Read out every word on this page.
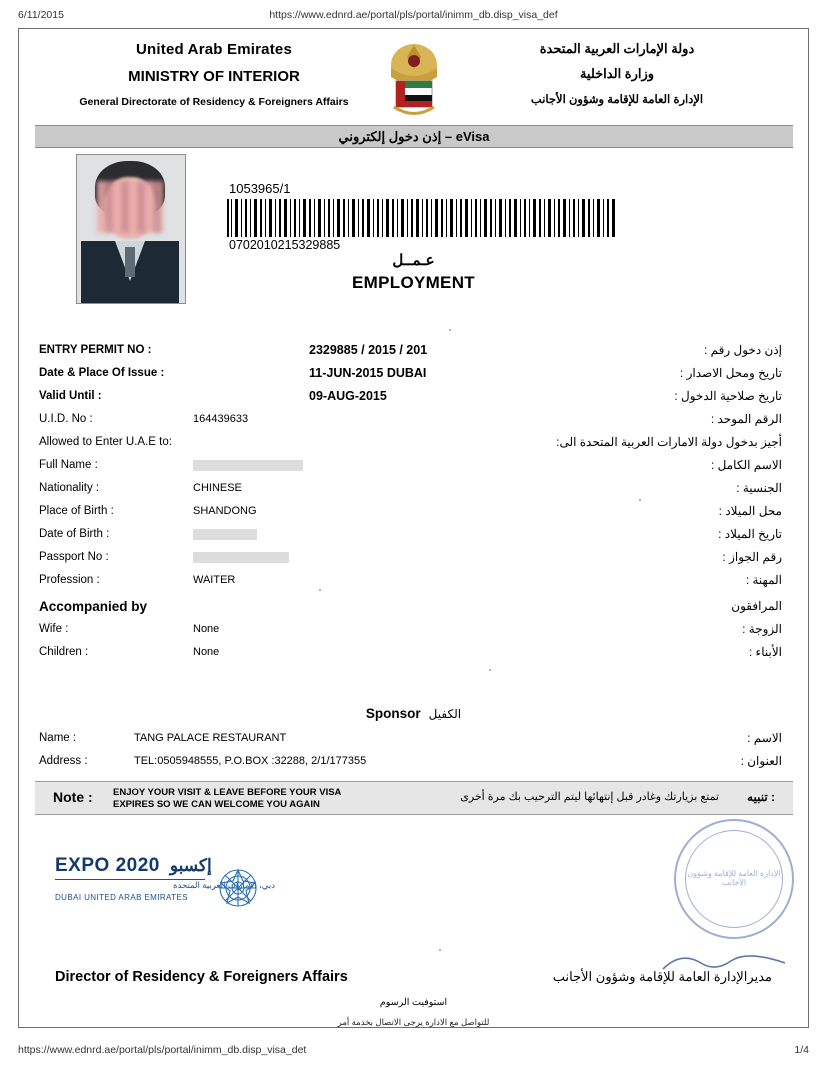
6/11/2015	https://www.ednrd.ae/portal/pls/portal/inimm_db.disp_visa_def
United Arab Emirates
MINISTRY OF INTERIOR
General Directorate of Residency & Foreigners Affairs
دولة الإمارات العربية المتحدة
وزارة الداخلية
الإدارة العامة للإقامة وشؤون الأجانب
إذن دخول إلكتروني – eVisa
1053965/1
0702010215329885
عـمــل
EMPLOYMENT
ENTRY PERMIT NO :	2329885 / 2015 / 201	إذن دخول رقم :
Date & Place Of Issue :	11-JUN-2015 DUBAI	تاريخ ومحل الاصدار :
Valid Until :	09-AUG-2015	تاريخ صلاحية الدخول :
U.I.D. No :	164439633	الرقم الموحد :
Allowed to Enter U.A.E to:	أجيز بدخول دولة الامارات العربية المتحدة الى:
Full Name :	الاسم الكامل :
Nationality :	CHINESE	الجنسية :
Place of Birth :	SHANDONG	محل الميلاد :
Date of Birth :	تاريخ الميلاد :
Passport No :	رقم الجواز :
Profession :	WAITER	المهنة :
Accompanied by	المرافقون
Wife :	None	الزوجة :
Children :	None	الأبناء :
Sponsor الكفيل
Name :	TANG PALACE RESTAURANT	الاسم :
Address :	TEL:0505948555, P.O.BOX :32288, 2/1/177355	العنوان :
Note : ENJOY YOUR VISIT & LEAVE BEFORE YOUR VISA
EXPIRES SO WE CAN WELCOME YOU AGAIN
تمتع بزيارتك وغادر قبل إنتهائها ليتم الترحيب بك مرة أخرى تنبيه :
EXPO 2020 إكسبو
دبي، الإمارات العربية المتحدة
DUBAI UNITED ARAB EMIRATES
الإدارة العامة للإقامة وشؤون الأجانب
Director of Residency & Foreigners Affairs	مديرالإدارة العامة للإقامة وشؤون الأجانب
استوفيت الرسوم
للتواصل مع الادارة يرجى الاتصال بخدمة أمر
https://www.ednrd.ae/portal/pls/portal/inimm_db.disp_visa_det	1/4
